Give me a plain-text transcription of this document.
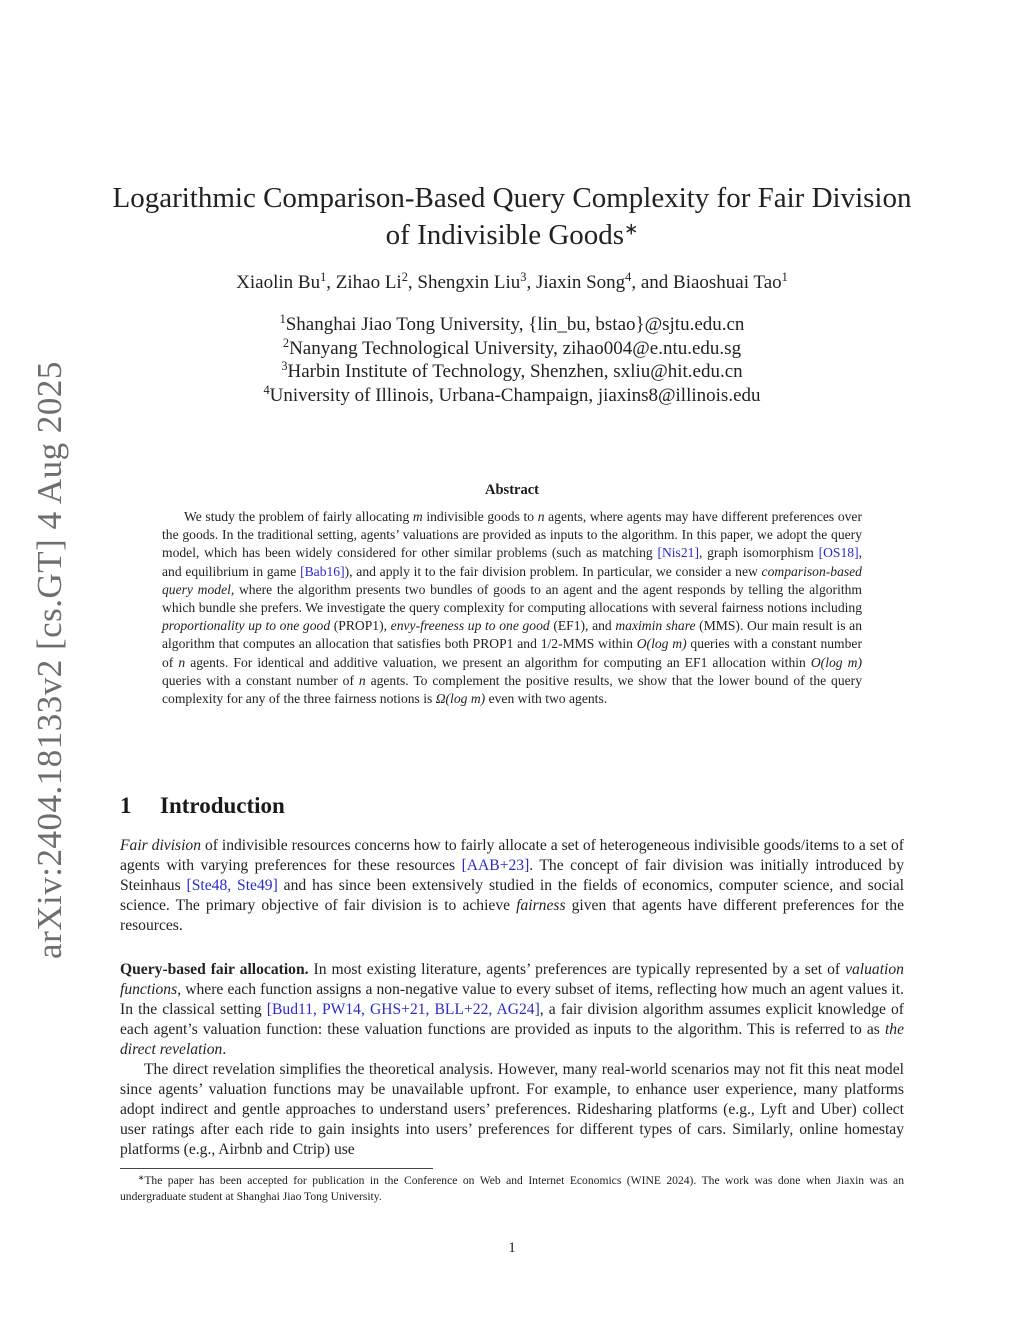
arXiv:2404.18133v2 [cs.GT] 4 Aug 2025
Logarithmic Comparison-Based Query Complexity for Fair Division
of Indivisible Goods∗
Xiaolin Bu$^1$, Zihao Li$^2$, Shengxin Liu$^3$, Jiaxin Song$^4$, and Biaoshuai Tao$^1$
$^1$Shanghai Jiao Tong University, {lin_bu, bstao}@sjtu.edu.cn
$^2$Nanyang Technological University, zihao004@e.ntu.edu.sg
$^3$Harbin Institute of Technology, Shenzhen, sxliu@hit.edu.cn
$^4$University of Illinois, Urbana-Champaign, jiaxins8@illinois.edu
Abstract
We study the problem of fairly allocating m indivisible goods to n agents, where agents may have different preferences over the goods. In the traditional setting, agents’ valuations are provided as inputs to the algorithm. In this paper, we adopt the query model, which has been widely considered for other similar problems (such as matching [Nis21], graph isomorphism [OS18], and equilibrium in game [Bab16]), and apply it to the fair division problem. In particular, we consider a new comparison-based query model, where the algorithm presents two bundles of goods to an agent and the agent responds by telling the algorithm which bundle she prefers. We investigate the query complexity for computing allocations with several fairness notions including proportionality up to one good (PROP1), envy-freeness up to one good (EF1), and maximin share (MMS). Our main result is an algorithm that computes an allocation that satisfies both PROP1 and 1/2-MMS within O(log m) queries with a constant number of n agents. For identical and additive valuation, we present an algorithm for computing an EF1 allocation within O(log m) queries with a constant number of n agents. To complement the positive results, we show that the lower bound of the query complexity for any of the three fairness notions is Ω(log m) even with two agents.
1 Introduction
Fair division of indivisible resources concerns how to fairly allocate a set of heterogeneous indivisible goods/items to a set of agents with varying preferences for these resources [AAB+23]. The concept of fair division was initially introduced by Steinhaus [Ste48, Ste49] and has since been extensively studied in the fields of economics, computer science, and social science. The primary objective of fair division is to achieve fairness given that agents have different preferences for the resources.
Query-based fair allocation. In most existing literature, agents’ preferences are typically represented by a set of valuation functions, where each function assigns a non-negative value to every subset of items, reflecting how much an agent values it. In the classical setting [Bud11, PW14, GHS+21, BLL+22, AG24], a fair division algorithm assumes explicit knowledge of each agent’s valuation function: these valuation functions are provided as inputs to the algorithm. This is referred to as the direct revelation.
The direct revelation simplifies the theoretical analysis. However, many real-world scenarios may not fit this neat model since agents’ valuation functions may be unavailable upfront. For example, to enhance user experience, many platforms adopt indirect and gentle approaches to understand users’ preferences. Ridesharing platforms (e.g., Lyft and Uber) collect user ratings after each ride to gain insights into users’ preferences for different types of cars. Similarly, online homestay platforms (e.g., Airbnb and Ctrip) use
∗The paper has been accepted for publication in the Conference on Web and Internet Economics (WINE 2024). The work was done when Jiaxin was an undergraduate student at Shanghai Jiao Tong University.
1
